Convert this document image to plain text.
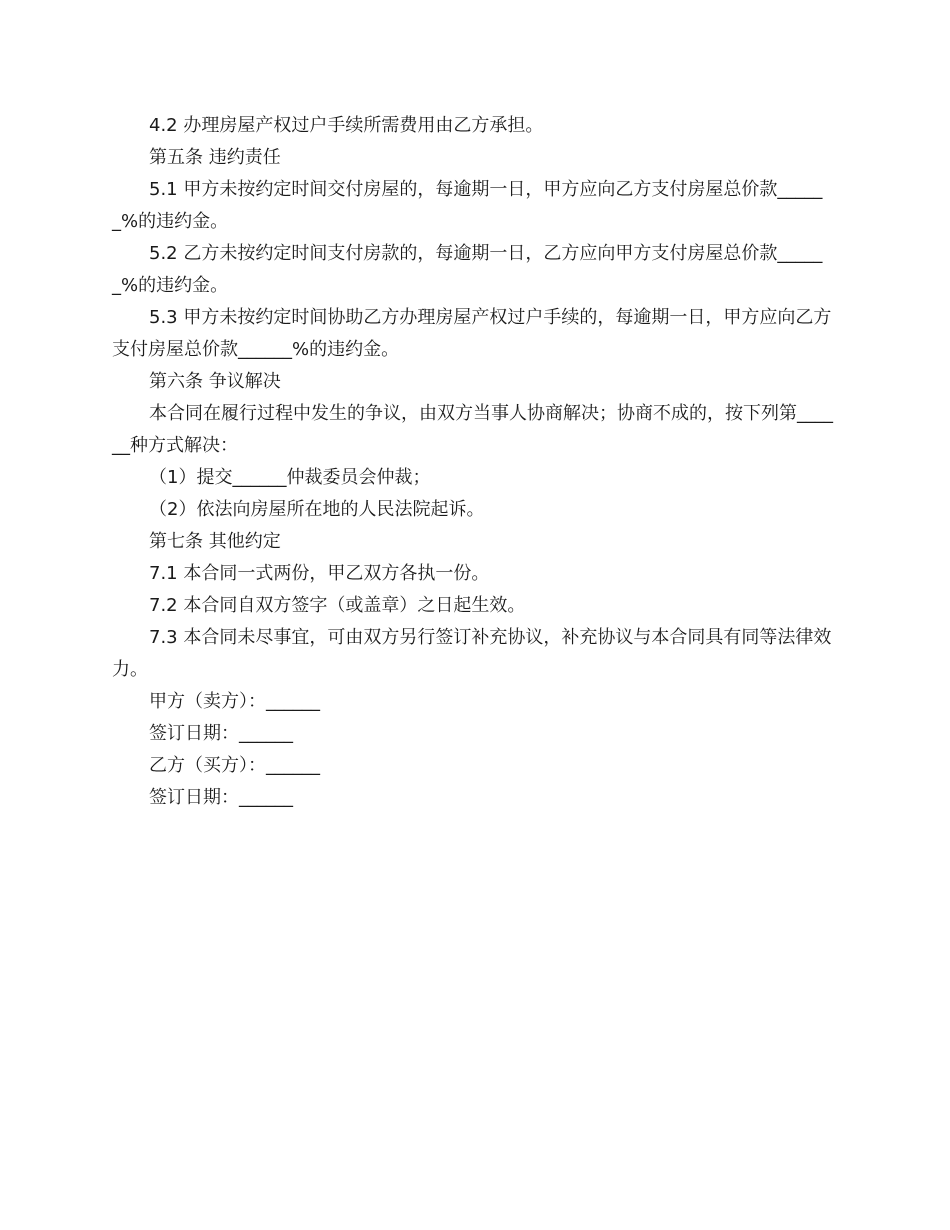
4.2 办理房屋产权过户手续所需费用由乙方承担。

第五条 违约责任

5.1 甲方未按约定时间交付房屋的，每逾期一日，甲方应向乙方支付房屋总价款______%的违约金。

5.2 乙方未按约定时间支付房款的，每逾期一日，乙方应向甲方支付房屋总价款______%的违约金。

5.3 甲方未按约定时间协助乙方办理房屋产权过户手续的，每逾期一日，甲方应向乙方支付房屋总价款______%的违约金。

第六条 争议解决

本合同在履行过程中发生的争议，由双方当事人协商解决；协商不成的，按下列第______种方式解决：

（1）提交______仲裁委员会仲裁；

（2）依法向房屋所在地的人民法院起诉。

第七条 其他约定

7.1 本合同一式两份，甲乙双方各执一份。

7.2 本合同自双方签字（或盖章）之日起生效。

7.3 本合同未尽事宜，可由双方另行签订补充协议，补充协议与本合同具有同等法律效力。

甲方（卖方）：______

签订日期：______

乙方（买方）：______

签订日期：______
